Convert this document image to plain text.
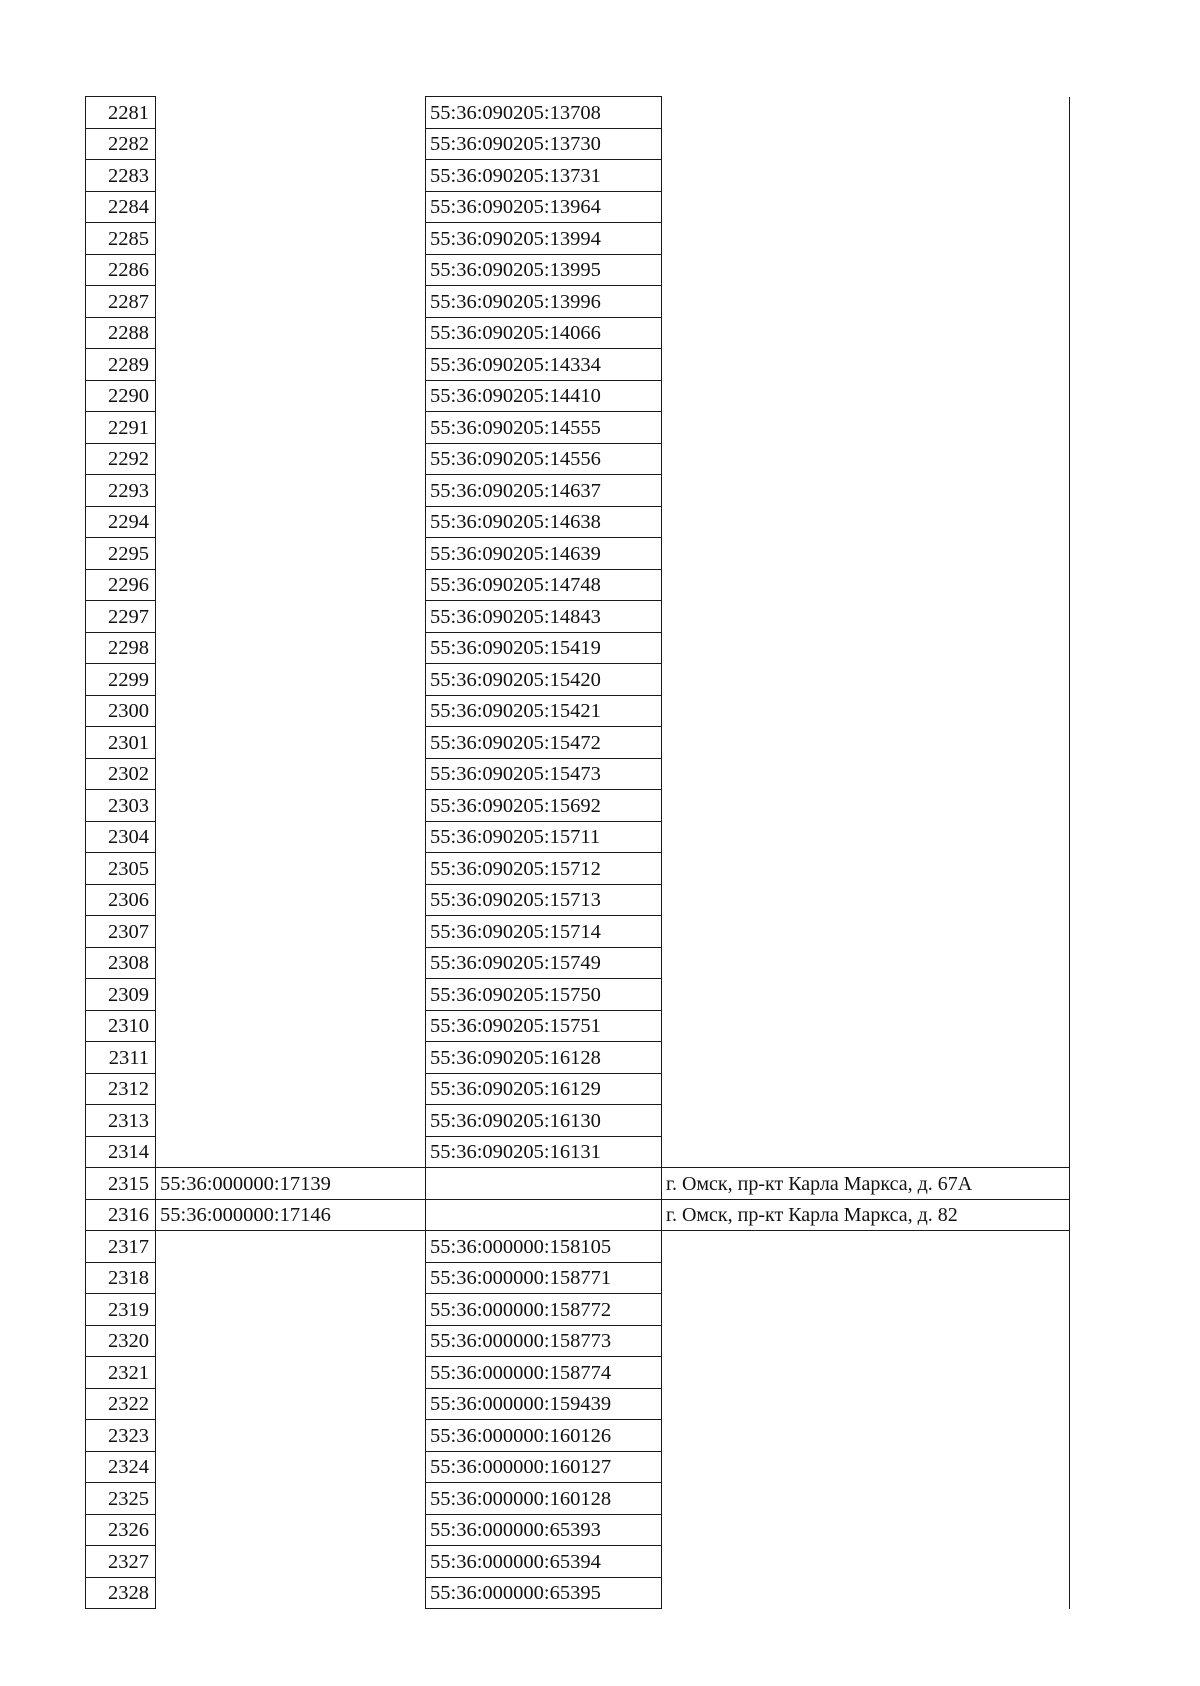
2281		55:36:090205:13708	
2282		55:36:090205:13730	
2283		55:36:090205:13731	
2284		55:36:090205:13964	
2285		55:36:090205:13994	
2286		55:36:090205:13995	
2287		55:36:090205:13996	
2288		55:36:090205:14066	
2289		55:36:090205:14334	
2290		55:36:090205:14410	
2291		55:36:090205:14555	
2292		55:36:090205:14556	
2293		55:36:090205:14637	
2294		55:36:090205:14638	
2295		55:36:090205:14639	
2296		55:36:090205:14748	
2297		55:36:090205:14843	
2298		55:36:090205:15419	
2299		55:36:090205:15420	
2300		55:36:090205:15421	
2301		55:36:090205:15472	
2302		55:36:090205:15473	
2303		55:36:090205:15692	
2304		55:36:090205:15711	
2305		55:36:090205:15712	
2306		55:36:090205:15713	
2307		55:36:090205:15714	
2308		55:36:090205:15749	
2309		55:36:090205:15750	
2310		55:36:090205:15751	
2311		55:36:090205:16128	
2312		55:36:090205:16129	
2313		55:36:090205:16130	
2314		55:36:090205:16131	
2315	55:36:000000:17139		г. Омск, пр-кт Карла Маркса, д. 67А
2316	55:36:000000:17146		г. Омск, пр-кт Карла Маркса, д. 82
2317		55:36:000000:158105	
2318		55:36:000000:158771	
2319		55:36:000000:158772	
2320		55:36:000000:158773	
2321		55:36:000000:158774	
2322		55:36:000000:159439	
2323		55:36:000000:160126	
2324		55:36:000000:160127	
2325		55:36:000000:160128	
2326		55:36:000000:65393	
2327		55:36:000000:65394	
2328		55:36:000000:65395	
